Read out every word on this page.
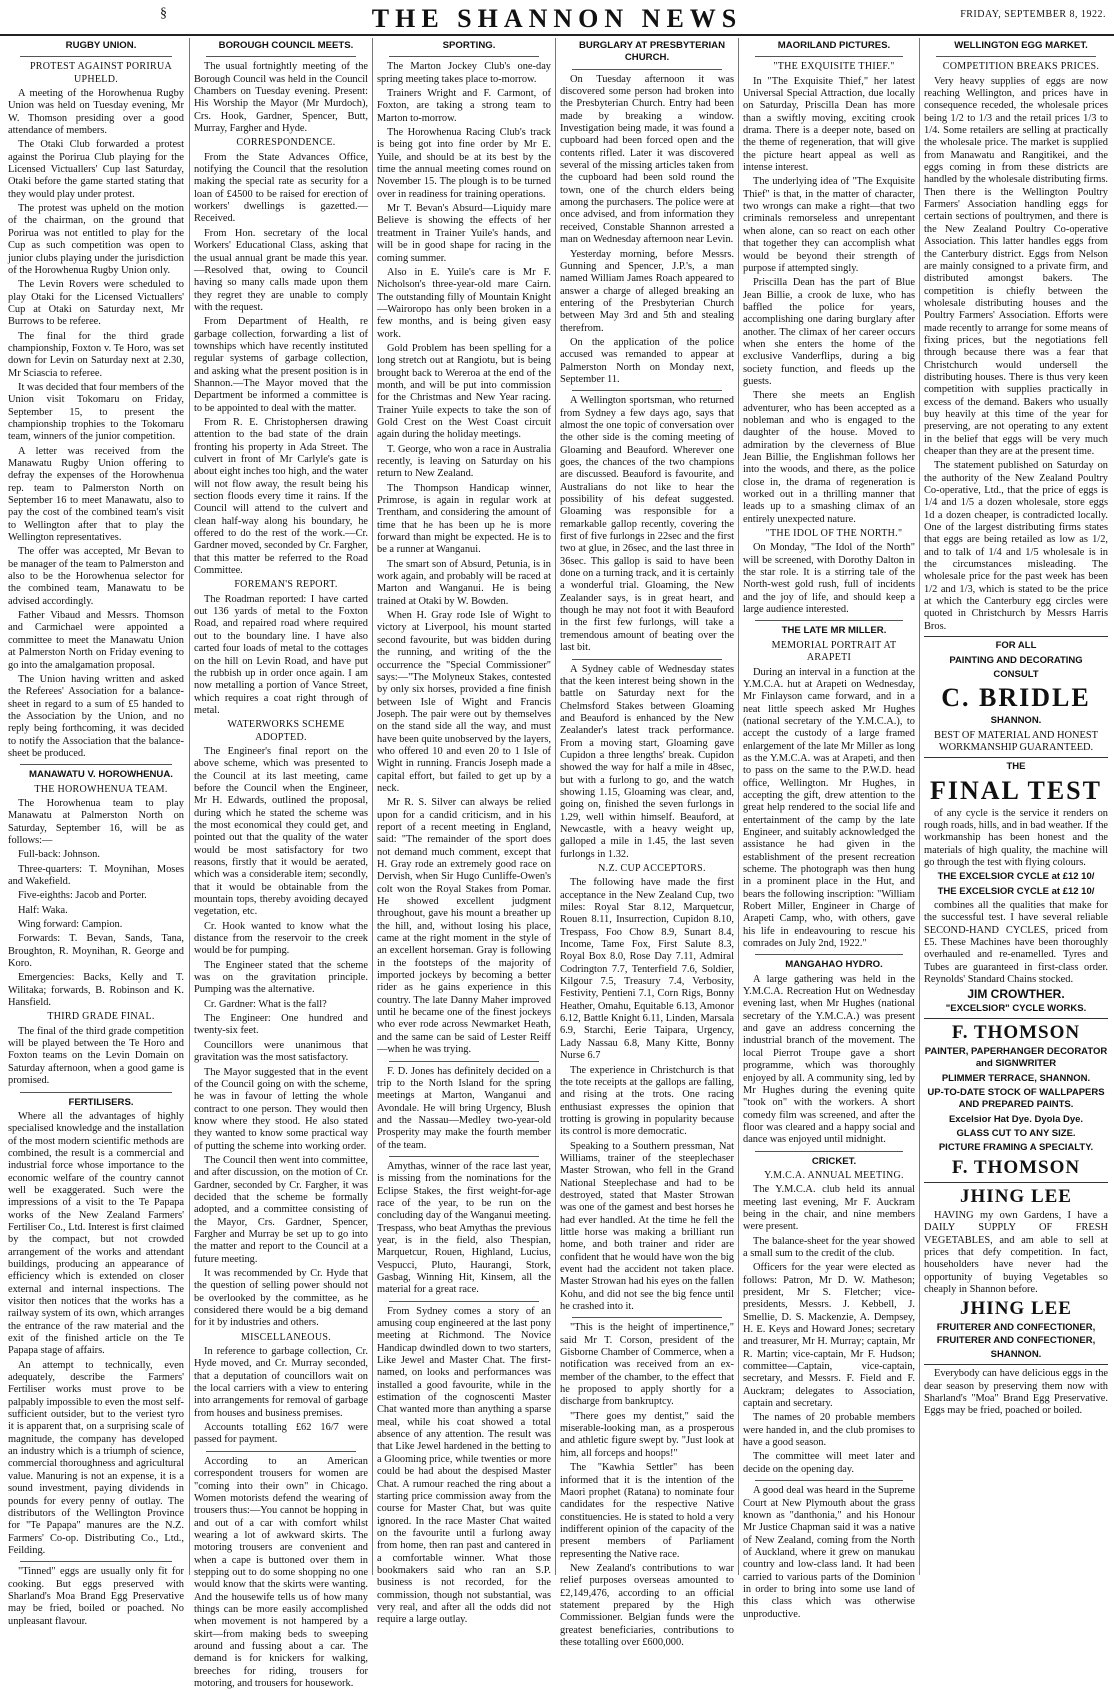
§	THE SHANNON NEWS	FRIDAY, SEPTEMBER 8, 1922.

RUGBY UNION.

PROTEST AGAINST PORIRUA UPHELD.

A meeting of the Horowhenua Rugby Union was held on Tuesday evening, Mr W. Thomson presiding over a good attendance of members.

The Otaki Club forwarded a protest against the Porirua Club playing for the Licensed Victuallers' Cup last Saturday, Otaki before the game started stating that they would play under protest.

The protest was upheld on the motion of the chairman, on the ground that Porirua was not entitled to play for the Cup as such competition was open to junior clubs playing under the jurisdiction of the Horowhenua Rugby Union only.

The Levin Rovers were scheduled to play Otaki for the Licensed Victuallers' Cup at Otaki on Saturday next, Mr Burrows to be referee.

The final for the third grade championship, Foxton v. Te Horo, was set down for Levin on Saturday next at 2.30, Mr Sciascia to referee.

It was decided that four members of the Union visit Tokomaru on Friday, September 15, to present the championship trophies to the Tokomaru team, winners of the junior competition.

A letter was received from the Manawatu Rugby Union offering to defray the expenses of the Horowhenua rep. team to Palmerston North on September 16 to meet Manawatu, also to pay the cost of the combined team's visit to Wellington after that to play the Wellington representatives.

The offer was accepted, Mr Bevan to be manager of the team to Palmerston and also to be the Horowhenua selector for the combined team, Manawatu to be advised accordingly.

Father Vibaud and Messrs. Thomson and Carmichael were appointed a committee to meet the Manawatu Union at Palmerston North on Friday evening to go into the amalgamation proposal.

The Union having written and asked the Referees' Association for a balance-sheet in regard to a sum of £5 handed to the Association by the Union, and no reply being forthcoming, it was decided to notify the Association that the balance-sheet be produced.

MANAWATU V. HOROWHENUA.

THE HOROWHENUA TEAM.

The Horowhenua team to play Manawatu at Palmerston North on Saturday, September 16, will be as follows:—

Full-back: Johnson.

Three-quarters: T. Moynihan, Moses and Wakefield.

Five-eighths: Jacob and Porter.

Half: Waka.

Wing forward: Campion.

Forwards: T. Bevan, Sands, Tana, Broughton, R. Moynihan, R. George and Koro.

Emergencies: Backs, Kelly and T. Wilitaka; forwards, B. Robinson and K. Hansfield.

THIRD GRADE FINAL.

The final of the third grade competition will be played between the Te Horo and Foxton teams on the Levin Domain on Saturday afternoon, when a good game is promised.

FERTILISERS.

Where all the advantages of highly specialised knowledge and the installation of the most modern scientific methods are combined, the result is a commercial and industrial force whose importance to the economic welfare of the country cannot well be exaggerated. Such were the impressions of a visit to the Te Papapa works of the New Zealand Farmers' Fertiliser Co., Ltd. Interest is first claimed by the compact, but not crowded arrangement of the works and attendant buildings, producing an appearance of efficiency which is extended on closer external and internal inspections. The visitor then notices that the works has a railway system of its own, which arranges the entrance of the raw material and the exit of the finished article on the Te Papapa stage of affairs.

An attempt to technically, even adequately, describe the Farmers' Fertiliser works must prove to be palpably impossible to even the most self-sufficient outsider, but to the veriest tyro it is apparent that, on a surprising scale of magnitude, the company has developed an industry which is a triumph of science, commercial thoroughness and agricultural value. Manuring is not an expense, it is a sound investment, paying dividends in pounds for every penny of outlay. The distributors of the Wellington Province for "Te Papapa" manures are the N.Z. Farmers' Co-op. Distributing Co., Ltd., Feilding.

"Tinned" eggs are usually only fit for cooking. But eggs preserved with Sharland's Moa Brand Egg Preservative may be fried, boiled or poached. No unpleasant flavour.

BOROUGH COUNCIL MEETS.

The usual fortnightly meeting of the Borough Council was held in the Council Chambers on Tuesday evening. Present: His Worship the Mayor (Mr Murdoch), Crs. Hook, Gardner, Spencer, Butt, Murray, Fargher and Hyde.

CORRESPONDENCE.

From the State Advances Office, notifying the Council that the resolution making the special rate as security for a loan of £4500 to be raised for erection of workers' dwellings is gazetted.—Received.

From Hon. secretary of the local Workers' Educational Class, asking that the usual annual grant be made this year.—Resolved that, owing to Council having so many calls made upon them they regret they are unable to comply with the request.

From Department of Health, re garbage collection, forwarding a list of townships which have recently instituted regular systems of garbage collection, and asking what the present position is in Shannon.—The Mayor moved that the Department be informed a committee is to be appointed to deal with the matter.

From R. E. Christophersen drawing attention to the bad state of the drain fronting his property in Ada Street. The culvert in front of Mr Carlyle's gate is about eight inches too high, and the water will not flow away, the result being his section floods every time it rains. If the Council will attend to the culvert and clean half-way along his boundary, he offered to do the rest of the work.—Cr. Gardner moved, seconded by Cr. Fargher, that this matter be referred to the Road Committee.

FOREMAN'S REPORT.

The Roadman reported: I have carted out 136 yards of metal to the Foxton Road, and repaired road where required out to the boundary line. I have also carted four loads of metal to the cottages on the hill on Levin Road, and have put the rubbish up in order once again. I am now metalling a portion of Vance Street, which requires a coat right through of metal.

WATERWORKS SCHEME ADOPTED.

The Engineer's final report on the above scheme, which was presented to the Council at its last meeting, came before the Council when the Engineer, Mr H. Edwards, outlined the proposal, during which he stated the scheme was the most economical they could get, and pointed out that the quality of the water would be most satisfactory for two reasons, firstly that it would be aerated, which was a considerable item; secondly, that it would be obtainable from the mountain tops, thereby avoiding decayed vegetation, etc.

Cr. Hook wanted to know what the distance from the reservoir to the creek would be for pumping.

The Engineer stated that the scheme was on the gravitation principle. Pumping was the alternative.

Cr. Gardner: What is the fall?

The Engineer: One hundred and twenty-six feet.

Councillors were unanimous that gravitation was the most satisfactory.

The Mayor suggested that in the event of the Council going on with the scheme, he was in favour of letting the whole contract to one person. They would then know where they stood. He also stated they wanted to know some practical way of putting the scheme into working order.

The Council then went into committee, and after discussion, on the motion of Cr. Gardner, seconded by Cr. Fargher, it was decided that the scheme be formally adopted, and a committee consisting of the Mayor, Crs. Gardner, Spencer, Fargher and Murray be set up to go into the matter and report to the Council at a future meeting.

It was recommended by Cr. Hyde that the question of selling power should not be overlooked by the committee, as he considered there would be a big demand for it by industries and others.

MISCELLANEOUS.

In reference to garbage collection, Cr. Hyde moved, and Cr. Murray seconded, that a deputation of councillors wait on the local carriers with a view to entering into arrangements for removal of garbage from houses and business premises.

Accounts totalling £62 16/7 were passed for payment.

According to an American correspondent trousers for women are "coming into their own" in Chicago. Women motorists defend the wearing of trousers thus:—You cannot be hopping in and out of a car with comfort whilst wearing a lot of awkward skirts. The motoring trousers are convenient and when a cape is buttoned over them in stepping out to do some shopping no one would know that the skirts were wanting. And the housewife tells us of how many things can be more easily accomplished when movement is not hampered by a skirt—from making beds to sweeping around and fussing about a car. The demand is for knickers for walking, breeches for riding, trousers for motoring, and trousers for housework.

SPORTING.

The Marton Jockey Club's one-day spring meeting takes place to-morrow.

Trainers Wright and F. Carmont, of Foxton, are taking a strong team to Marton to-morrow.

The Horowhenua Racing Club's track is being got into fine order by Mr E. Yuile, and should be at its best by the time the annual meeting comes round on November 15. The plough is to be turned over in readiness for training operations.

Mr T. Bevan's Absurd—Liquidy mare Believe is showing the effects of her treatment in Trainer Yuile's hands, and will be in good shape for racing in the coming summer.

Also in E. Yuile's care is Mr F. Nicholson's three-year-old mare Cairn. The outstanding filly of Mountain Knight—Wairoropo has only been broken in a few months, and is being given easy work.

Gold Problem has been spelling for a long stretch out at Rangiotu, but is being brought back to Wereroa at the end of the month, and will be put into commission for the Christmas and New Year racing. Trainer Yuile expects to take the son of Gold Crest on the West Coast circuit again during the holiday meetings.

T. George, who won a race in Australia recently, is leaving on Saturday on his return to New Zealand.

The Thompson Handicap winner, Primrose, is again in regular work at Trentham, and considering the amount of time that he has been up he is more forward than might be expected. He is to be a runner at Wanganui.

The smart son of Absurd, Petunia, is in work again, and probably will be raced at Marton and Wanganui. He is being trained at Otaki by W. Bowden.

When H. Gray rode Isle of Wight to victory at Liverpool, his mount started second favourite, but was bidden during the running, and writing of the the occurrence the "Special Commissioner" says:—"The Molyneux Stakes, contested by only six horses, provided a fine finish between Isle of Wight and Francis Joseph. The pair were out by themselves on the stand side all the way, and must have been quite unobserved by the layers, who offered 10 and even 20 to 1 Isle of Wight in running. Francis Joseph made a capital effort, but failed to get up by a neck.

Mr R. S. Silver can always be relied upon for a candid criticism, and in his report of a recent meeting in England, said: "The remainder of the sport does not demand much comment, except that H. Gray rode an extremely good race on Dervish, when Sir Hugo Cunliffe-Owen's colt won the Royal Stakes from Pomar. He showed excellent judgment throughout, gave his mount a breather up the hill, and, without losing his place, came at the right moment in the style of an excellent horseman. Gray is following in the footsteps of the majority of imported jockeys by becoming a better rider as he gains experience in this country. The late Danny Maher improved until he became one of the finest jockeys who ever rode across Newmarket Heath, and the same can be said of Lester Reiff—when he was trying.

F. D. Jones has definitely decided on a trip to the North Island for the spring meetings at Marton, Wanganui and Avondale. He will bring Urgency, Blush and the Nassau—Medley two-year-old Prosperity may make the fourth member of the team.

Amythas, winner of the race last year, is missing from the nominations for the Eclipse Stakes, the first weight-for-age race of the year, to be run on the concluding day of the Wanganui meeting. Trespass, who beat Amythas the previous year, is in the field, also Thespian, Marquetcur, Rouen, Highland, Lucius, Vespucci, Pluto, Haurangi, Stork, Gasbag, Winning Hit, Kinsem, all the material for a great race.

From Sydney comes a story of an amusing coup engineered at the last pony meeting at Richmond. The Novice Handicap dwindled down to two starters, Like Jewel and Master Chat. The first-named, on looks and performances was installed a good favourite, while in the estimation of the cognoscenti Master Chat wanted more than anything a sparse meal, while his coat showed a total absence of any attention. The result was that Like Jewel hardened in the betting to a Glooming price, while twenties or more could be had about the despised Master Chat. A rumour reached the ring about a starting price commission away from the course for Master Chat, but was quite ignored. In the race Master Chat waited on the favourite until a furlong away from home, then ran past and cantered in a comfortable winner. What those bookmakers said who ran an S.P. business is not recorded, for the commission, though not substantial, was very real, and after all the odds did not require a large outlay.

BURGLARY AT PRESBYTERIAN CHURCH.

On Tuesday afternoon it was discovered some person had broken into the Presbyterian Church. Entry had been made by breaking a window. Investigation being made, it was found a cupboard had been forced open and the contents rifled. Later it was discovered several of the missing articles taken from the cupboard had been sold round the town, one of the church elders being among the purchasers. The police were at once advised, and from information they received, Constable Shannon arrested a man on Wednesday afternoon near Levin.

Yesterday morning, before Messrs. Gunning and Spencer, J.P.'s, a man named William James Roach appeared to answer a charge of alleged breaking an entering of the Presbyterian Church between May 3rd and 5th and stealing therefrom.

On the application of the police accused was remanded to appear at Palmerston North on Monday next, September 11.

A Wellington sportsman, who returned from Sydney a few days ago, says that almost the one topic of conversation over the other side is the coming meeting of Gloaming and Beauford. Wherever one goes, the chances of the two champions are discussed. Beauford is favourite, and Australians do not like to hear the possibility of his defeat suggested. Gloaming was responsible for a remarkable gallop recently, covering the first of five furlongs in 22sec and the first two at glue, in 26sec, and the last three in 36sec. This gallop is said to have been done on a turning track, and it is certainly a wonderful trial. Gloaming, the New Zealander says, is in great heart, and though he may not foot it with Beauford in the first few furlongs, will take a tremendous amount of beating over the last bit.

A Sydney cable of Wednesday states that the keen interest being shown in the battle on Saturday next for the Chelmsford Stakes between Gloaming and Beauford is enhanced by the New Zealander's latest track performance. From a moving start, Gloaming gave Cupidon a three lengths' break. Cupidon showed the way for half a mile in 48sec, but with a furlong to go, and the watch showing 1.15, Gloaming was clear, and, going on, finished the seven furlongs in 1.29, well within himself. Beauford, at Newcastle, with a heavy weight up, galloped a mile in 1.45, the last seven furlongs in 1.32.

N.Z. CUP ACCEPTORS.

The following have made the first acceptance in the New Zealand Cup, two miles: Royal Star 8.12, Marquetcur, Rouen 8.11, Insurrection, Cupidon 8.10, Trespass, Foo Chow 8.9, Sunart 8.4, Income, Tame Fox, First Salute 8.3, Royal Box 8.0, Rose Day 7.11, Admiral Codrington 7.7, Tenterfield 7.6, Soldier, Kilgour 7.5, Treasury 7.4, Verbosity, Festivity, Pentieni 7.1, Corn Rigs, Bonny Heather, Omahu, Equitable 6.13, Amonor 6.12, Battle Knight 6.11, Linden, Marsala 6.9, Starchi, Eerie Taipara, Urgency, Lady Nassau 6.8, Many Kitte, Bonny Nurse 6.7

The experience in Christchurch is that the tote receipts at the gallops are falling, and rising at the trots. One racing enthusiast expresses the opinion that trotting is growing in popularity because its control is more democratic.

Speaking to a Southern pressman, Nat Williams, trainer of the steeplechaser Master Strowan, who fell in the Grand National Steeplechase and had to be destroyed, stated that Master Strowan was one of the gamest and best horses he had ever handled. At the time he fell the little horse was making a brilliant run home, and both trainer and rider are confident that he would have won the big event had the accident not taken place. Master Strowan had his eyes on the fallen Kohu, and did not see the big fence until he crashed into it.

"This is the height of impertinence," said Mr T. Corson, president of the Gisborne Chamber of Commerce, when a notification was received from an ex-member of the chamber, to the effect that he proposed to apply shortly for a discharge from bankruptcy.

"There goes my dentist," said the miserable-looking man, as a prosperous and athletic figure swept by. "Just look at him, all forceps and hoops!"

The "Kawhia Settler" has been informed that it is the intention of the Maori prophet (Ratana) to nominate four candidates for the respective Native constituencies. He is stated to hold a very indifferent opinion of the capacity of the present members of Parliament representing the Native race.

New Zealand's contributions to war relief purposes overseas amounted to £2,149,476, according to an official statement prepared by the High Commissioner. Belgian funds were the greatest beneficiaries, contributions to these totalling over £600,000.

MAORILAND PICTURES.

"THE EXQUISITE THIEF."

In "The Exquisite Thief," her latest Universal Special Attraction, due locally on Saturday, Priscilla Dean has more than a swiftly moving, exciting crook drama. There is a deeper note, based on the theme of regeneration, that will give the picture heart appeal as well as intense interest.

The underlying idea of "The Exquisite Thief" is that, in the matter of character, two wrongs can make a right—that two criminals remorseless and unrepentant when alone, can so react on each other that together they can accomplish what would be beyond their strength of purpose if attempted singly.

Priscilla Dean has the part of Blue Jean Billie, a crook de luxe, who has baffled the police for years, accomplishing one daring burglary after another. The climax of her career occurs when she enters the home of the exclusive Vanderflips, during a big society function, and fleeds up the guests.

There she meets an English adventurer, who has been accepted as a nobleman and who is engaged to the daughter of the house. Moved to admiration by the cleverness of Blue Jean Billie, the Englishman follows her into the woods, and there, as the police close in, the drama of regeneration is worked out in a thrilling manner that leads up to a smashing climax of an entirely unexpected nature.

"THE IDOL OF THE NORTH."

On Monday, "The Idol of the North" will be screened, with Dorothy Dalton in the star role. It is a stirring tale of the North-west gold rush, full of incidents and the joy of life, and should keep a large audience interested.

THE LATE MR MILLER.

MEMORIAL PORTRAIT AT ARAPETI

During an interval in a function at the Y.M.C.A. hut at Arapeti on Wednesday, Mr Finlayson came forward, and in a neat little speech asked Mr Hughes (national secretary of the Y.M.C.A.), to accept the custody of a large framed enlargement of the late Mr Miller as long as the Y.M.C.A. was at Arapeti, and then to pass on the same to the P.W.D. head office, Wellington. Mr Hughes, in accepting the gift, drew attention to the great help rendered to the social life and entertainment of the camp by the late Engineer, and suitably acknowledged the assistance he had given in the establishment of the present recreation scheme. The photograph was then hung in a prominent place in the Hut, and bears the following inscription: "William Robert Miller, Engineer in Charge of Arapeti Camp, who, with others, gave his life in endeavouring to rescue his comrades on July 2nd, 1922."

MANGAHAO HYDRO.

A large gathering was held in the Y.M.C.A. Recreation Hut on Wednesday evening last, when Mr Hughes (national secretary of the Y.M.C.A.) was present and gave an address concerning the industrial branch of the movement. The local Pierrot Troupe gave a short programme, which was thoroughly enjoyed by all. A community sing, led by Mr Hughes during the evening quite "took on" with the workers. A short comedy film was screened, and after the floor was cleared and a happy social and dance was enjoyed until midnight.

CRICKET.

Y.M.C.A. ANNUAL MEETING.

The Y.M.C.A. club held its annual meeting last evening, Mr F. Auckram being in the chair, and nine members were present.

The balance-sheet for the year showed a small sum to the credit of the club.

Officers for the year were elected as follows: Patron, Mr D. W. Matheson; president, Mr S. Fletcher; vice-presidents, Messrs. J. Kebbell, J. Smellie, D. S. Mackenzie, A. Dempsey, H. E. Keys and Howard Jones; secretary and treasurer, Mr H. Murray; captain, Mr R. Martin; vice-captain, Mr F. Hudson; committee—Captain, vice-captain, secretary, and Messrs. F. Field and F. Auckram; delegates to Association, captain and secretary.

The names of 20 probable members were handed in, and the club promises to have a good season.

The committee will meet later and decide on the opening day.

A good deal was heard in the Supreme Court at New Plymouth about the grass known as "danthonia," and his Honour Mr Justice Chapman said it was a native of New Zealand, coming from the North of Auckland, where it grew on manukau country and low-class land. It had been carried to various parts of the Dominion in order to bring into some use land of this class which was otherwise unproductive.

WELLINGTON EGG MARKET.

COMPETITION BREAKS PRICES.

Very heavy supplies of eggs are now reaching Wellington, and prices have in consequence receded, the wholesale prices being 1/2 to 1/3 and the retail prices 1/3 to 1/4. Some retailers are selling at practically the wholesale price. The market is supplied from Manawatu and Rangitikei, and the eggs coming in from these districts are handled by the wholesale distributing firms. Then there is the Wellington Poultry Farmers' Association handling eggs for certain sections of poultrymen, and there is the New Zealand Poultry Co-operative Association. This latter handles eggs from the Canterbury district. Eggs from Nelson are mainly consigned to a private firm, and distributed amongst bakers. The competition is chiefly between the wholesale distributing houses and the Poultry Farmers' Association. Efforts were made recently to arrange for some means of fixing prices, but the negotiations fell through because there was a fear that Christchurch would undersell the distributing houses. There is thus very keen competition with supplies practically in excess of the demand. Bakers who usually buy heavily at this time of the year for preserving, are not operating to any extent in the belief that eggs will be very much cheaper than they are at the present time.

The statement published on Saturday on the authority of the New Zealand Poultry Co-operative, Ltd., that the price of eggs is 1/4 and 1/5 a dozen wholesale, store eggs 1d a dozen cheaper, is contradicted locally. One of the largest distributing firms states that eggs are being retailed as low as 1/2, and to talk of 1/4 and 1/5 wholesale is in the circumstances misleading. The wholesale price for the past week has been 1/2 and 1/3, which is stated to be the price at which the Canterbury egg circles were quoted in Christchurch by Messrs Harris Bros.

FOR ALL

PAINTING AND DECORATING

CONSULT

C. BRIDLE

SHANNON.

BEST OF MATERIAL AND HONEST WORKMANSHIP GUARANTEED.

THE

FINAL TEST

of any cycle is the service it renders on rough roads, hills, and in bad weather. If the workmanship has been honest and the materials of high quality, the machine will go through the test with flying colours.

THE EXCELSIOR CYCLE at £12 10/

THE EXCELSIOR CYCLE at £12 10/

combines all the qualities that make for the successful test. I have several reliable SECOND-HAND CYCLES, priced from £5. These Machines have been thoroughly overhauled and re-enamelled. Tyres and Tubes are guaranteed in first-class order. Reynolds' Standard Chains stocked.

JIM CROWTHER.

"EXCELSIOR" CYCLE WORKS.

F. THOMSON

PAINTER, PAPERHANGER DECORATOR and SIGNWRITER

PLIMMER TERRACE, SHANNON.

UP-TO-DATE STOCK OF WALLPAPERS AND PREPARED PAINTS.

Excelsior Hat Dye. Dyola Dye.

GLASS CUT TO ANY SIZE.

PICTURE FRAMING A SPECIALTY.

F. THOMSON

JHING LEE

HAVING my own Gardens, I have a DAILY SUPPLY OF FRESH VEGETABLES, and am able to sell at prices that defy competition. In fact, householders have never had the opportunity of buying Vegetables so cheaply in Shannon before.

JHING LEE

FRUITERER AND CONFECTIONER, FRUITERER AND CONFECTIONER,

SHANNON.

Everybody can have delicious eggs in the dear season by preserving them now with Sharland's "Moa" Brand Egg Preservative. Eggs may be fried, poached or boiled.
